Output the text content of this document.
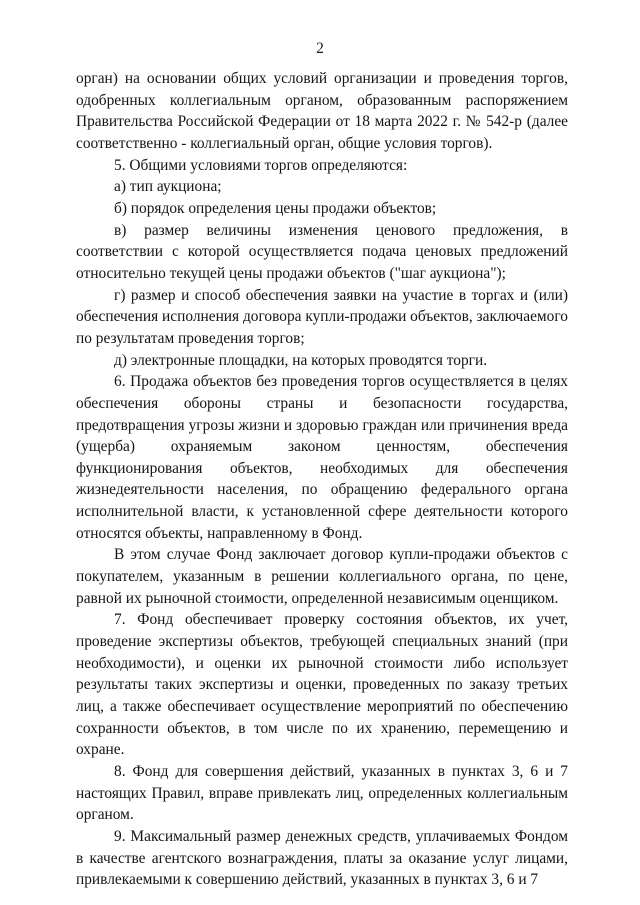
2

орган) на основании общих условий организации и проведения торгов, одобренных коллегиальным органом, образованным распоряжением Правительства Российской Федерации от 18 марта 2022 г. № 542-р (далее соответственно - коллегиальный орган, общие условия торгов).

5. Общими условиями торгов определяются:

а) тип аукциона;

б) порядок определения цены продажи объектов;

в) размер величины изменения ценового предложения, в соответствии с которой осуществляется подача ценовых предложений относительно текущей цены продажи объектов ("шаг аукциона");

г) размер и способ обеспечения заявки на участие в торгах и (или) обеспечения исполнения договора купли-продажи объектов, заключаемого по результатам проведения торгов;

д) электронные площадки, на которых проводятся торги.

6. Продажа объектов без проведения торгов осуществляется в целях обеспечения обороны страны и безопасности государства, предотвращения угрозы жизни и здоровью граждан или причинения вреда (ущерба) охраняемым законом ценностям, обеспечения функционирования объектов, необходимых для обеспечения жизнедеятельности населения, по обращению федерального органа исполнительной власти, к установленной сфере деятельности которого относятся объекты, направленному в Фонд.

В этом случае Фонд заключает договор купли-продажи объектов с покупателем, указанным в решении коллегиального органа, по цене, равной их рыночной стоимости, определенной независимым оценщиком.

7. Фонд обеспечивает проверку состояния объектов, их учет, проведение экспертизы объектов, требующей специальных знаний (при необходимости), и оценки их рыночной стоимости либо использует результаты таких экспертизы и оценки, проведенных по заказу третьих лиц, а также обеспечивает осуществление мероприятий по обеспечению сохранности объектов, в том числе по их хранению, перемещению и охране.

8. Фонд для совершения действий, указанных в пунктах 3, 6 и 7 настоящих Правил, вправе привлекать лиц, определенных коллегиальным органом.

9. Максимальный размер денежных средств, уплачиваемых Фондом в качестве агентского вознаграждения, платы за оказание услуг лицами, привлекаемыми к совершению действий, указанных в пунктах 3, 6 и 7
